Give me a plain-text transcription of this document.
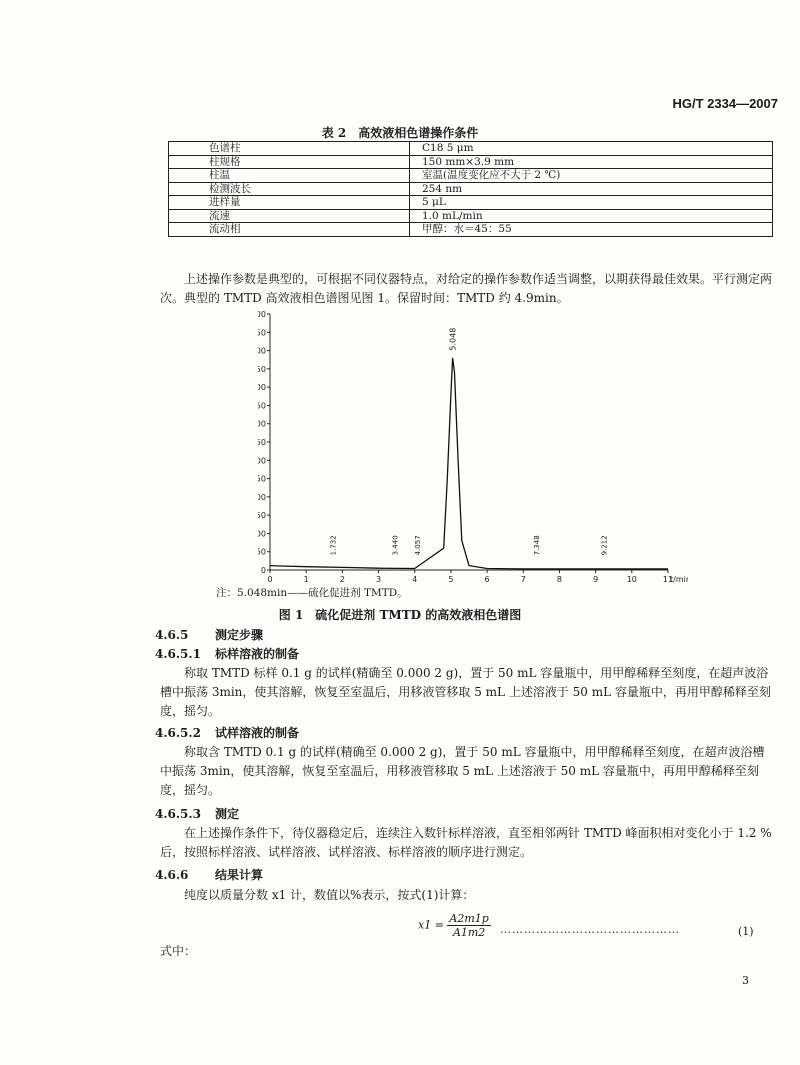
HG/T 2334—2007
表 2　高效液相色谱操作条件
色谱柱	C18 5 μm
柱规格	150 mm×3.9 mm
柱温	室温(温度变化应不大于 2 ℃)
检测波长	254 nm
进样量	5 μL
流速	1.0 mL/min
流动相	甲醇：水＝45：55
上述操作参数是典型的，可根据不同仪器特点，对给定的操作参数作适当调整，以期获得最佳效果。平行测定两次。典型的 TMTD 高效液相色谱图见图 1。保留时间：TMTD 约 4.9min。
0
50
00
50
00
50
00
50
00
50
00
50
00
50
00
0	1	2	3	4	5	6	7	8	9	10	11
t/mi
1.732	3.440 4.057
5.048
7.348	9.212
注：5.048min——硫化促进剂 TMTD。
图 1　硫化促进剂 TMTD 的高效液相色谱图
4.6.5 测定步骤
4.6.5.1 标样溶液的制备
称取 TMTD 标样 0.1 g 的试样(精确至 0.000 2 g)，置于 50 mL 容量瓶中，用甲醇稀释至刻度，在超声波浴槽中振荡 3min，使其溶解，恢复至室温后，用移液管移取 5 mL 上述溶液于 50 mL 容量瓶中，再用甲醇稀释至刻度，摇匀。
4.6.5.2 试样溶液的制备
称取含 TMTD 0.1 g 的试样(精确至 0.000 2 g)，置于 50 mL 容量瓶中，用甲醇稀释至刻度，在超声波浴槽中振荡 3min，使其溶解，恢复至室温后，用移液管移取 5 mL 上述溶液于 50 mL 容量瓶中，再用甲醇稀释至刻度，摇匀。
4.6.5.3 测定
在上述操作条件下，待仪器稳定后，连续注入数针标样溶液，直至相邻两针 TMTD 峰面积相对变化小于 1.2 %后，按照标样溶液、试样溶液、试样溶液、标样溶液的顺序进行测定。
4.6.6 结果计算
纯度以质量分数 x1 计，数值以%表示，按式(1)计算：
$x1 = \frac{A2m1p}{A1m2}$ ………………………………………	(1)
式中：
3
